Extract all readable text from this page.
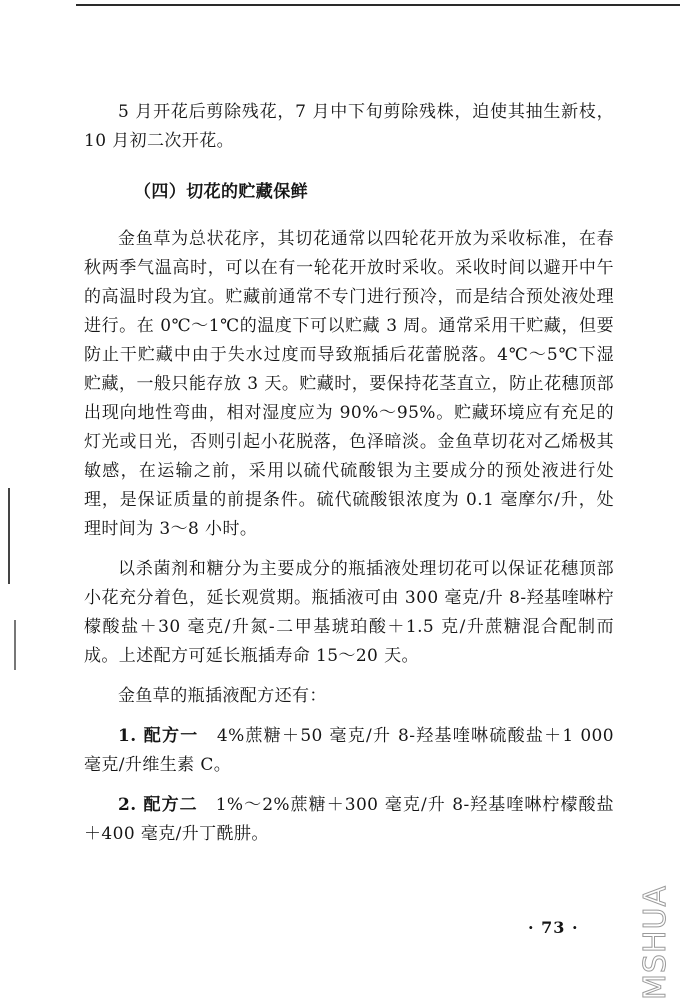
5 月开花后剪除残花，7 月中下旬剪除残株，迫使其抽生新枝，10 月初二次开花。

（四）切花的贮藏保鲜

金鱼草为总状花序，其切花通常以四轮花开放为采收标准，在春秋两季气温高时，可以在有一轮花开放时采收。采收时间以避开中午的高温时段为宜。贮藏前通常不专门进行预冷，而是结合预处液处理进行。在 0℃～1℃的温度下可以贮藏 3 周。通常采用干贮藏，但要防止干贮藏中由于失水过度而导致瓶插后花蕾脱落。4℃～5℃下湿贮藏，一般只能存放 3 天。贮藏时，要保持花茎直立，防止花穗顶部出现向地性弯曲，相对湿度应为 90%～95%。贮藏环境应有充足的灯光或日光，否则引起小花脱落，色泽暗淡。金鱼草切花对乙烯极其敏感，在运输之前，采用以硫代硫酸银为主要成分的预处液进行处理，是保证质量的前提条件。硫代硫酸银浓度为 0.1 毫摩尔/升，处理时间为 3～8 小时。

以杀菌剂和糖分为主要成分的瓶插液处理切花可以保证花穗顶部小花充分着色，延长观赏期。瓶插液可由 300 毫克/升 8-羟基喹啉柠檬酸盐＋30 毫克/升氮-二甲基琥珀酸＋1.5 克/升蔗糖混合配制而成。上述配方可延长瓶插寿命 15～20 天。

金鱼草的瓶插液配方还有：

1. 配方一　4%蔗糖＋50 毫克/升 8-羟基喹啉硫酸盐＋1 000 毫克/升维生素 C。

2. 配方二　1%～2%蔗糖＋300 毫克/升 8-羟基喹啉柠檬酸盐＋400 毫克/升丁酰肼。

· 73 · MSHUA
